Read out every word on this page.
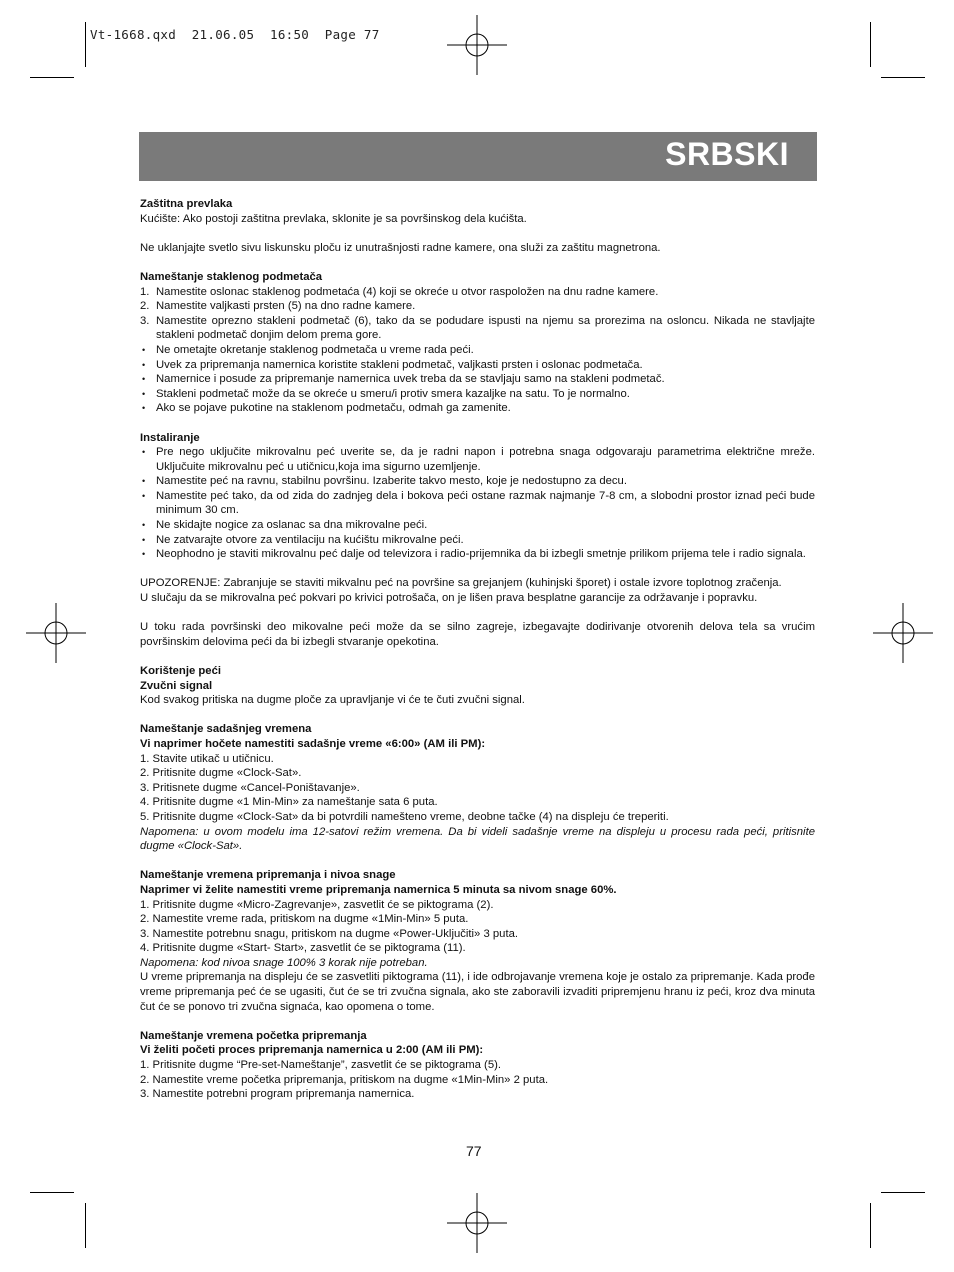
Vt-1668.qxd  21.06.05  16:50  Page 77
SRBSKI

Zaštitna prevlaka

Kućište: Ako postoji zaštitna prevlaka, sklonite je sa površinskog dela kućišta.

Ne uklanjajte svetlo sivu liskunsku ploču iz unutrašnjosti radne kamere, ona služi za zaštitu magnetrona.

Nameštanje staklenog podmetača

1. Namestite oslonac staklenog podmetaća (4) koji se okreće u otvor raspoložen na dnu radne kamere.
2. Namestite valjkasti prsten (5) na dno radne kamere.
3. Namestite oprezno stakleni podmetač (6), tako da se podudare ispusti na njemu sa prorezima na osloncu. Nikada ne stavljajte stakleni podmetač donjim delom prema gore.
• Ne ometajte okretanje staklenog podmetača u vreme rada peći.
• Uvek za pripremanja namernica koristite stakleni podmetač, valjkasti prsten i oslonac podmetača.
• Namernice i posude za pripremanje namernica uvek treba da se stavljaju samo na stakleni podmetač.
• Stakleni podmetač može da se okreće u smeru/i protiv smera kazaljke na satu. To je normalno.
• Ako se pojave pukotine na staklenom podmetaču, odmah ga zamenite.

Instaliranje

• Pre nego uključite mikrovalnu peć uverite se, da je radni napon i potrebna snaga odgovaraju parametrima električne mreže. Uključuite mikrovalnu peć u utičnicu,koja ima sigurno uzemljenje.
• Namestite peć na ravnu, stabilnu površinu. Izaberite takvo mesto, koje je nedostupno za decu.
• Namestite peć tako, da od zida do zadnjeg dela i bokova peći ostane razmak najmanje 7-8 cm, a slobodni prostor iznad peći bude minimum 30 cm.
• Ne skidajte nogice za oslanac sa dna mikrovalne peći.
• Ne zatvarajte otvore za ventilaciju na kućištu mikrovalne peći.
• Neophodno je staviti mikrovalnu peć dalje od televizora i radio-prijemnika da bi izbegli smetnje prilikom prijema tele i radio signala.

UPOZORENJE: Zabranjuje se staviti mikvalnu peć na površine sa grejanjem (kuhinjski šporet) i ostale izvore toplotnog zračenja.

U slučaju da se mikrovalna peć pokvari po krivici potrošača, on je lišen prava besplatne garancije za održavanje i popravku.

U toku rada površinski deo mikovalne peći može da se silno zagreje, izbegavajte dodirivanje otvorenih delova tela sa vrućim površinskim delovima peći da bi izbegli stvaranje opekotina.

Korištenje peći

Zvučni signal

Kod svakog pritiska na dugme ploče za upravljanje vi će te čuti zvučni signal.

Nameštanje sadašnjeg vremena

Vi naprimer hočete namestiti sadašnje vreme «6:00» (AM ili PM):

1. Stavite utikač u utičnicu.

2. Pritisnite dugme «Clock-Sat».

3. Pritisnete dugme «Cancel-Poništavanje».

4. Pritisnite dugme «1 Min-Min» za nameštanje sata 6 puta.

5. Pritisnite dugme «Clock-Sat» da bi potvrdili namešteno vreme, deobne tačke (4) na displeju će treperiti.

Napomena: u ovom modelu ima 12-satovi režim vremena. Da bi videli sadašnje vreme na displeju u procesu rada peći, pritisnite dugme «Clock-Sat».

Nameštanje vremena pripremanja i nivoa snage

Naprimer vi želite namestiti vreme pripremanja namernica 5 minuta sa nivom snage 60%.

1. Pritisnite dugme «Micro-Zagrevanje», zasvetlit će se piktograma (2).

2. Namestite vreme rada, pritiskom na dugme «1Min-Min» 5 puta.

3. Namestite potrebnu snagu, pritiskom na dugme «Power-Uključiti» 3 puta.

4. Pritisnite dugme «Start- Start», zasvetlit će se piktograma (11).

Napomena: kod nivoa snage 100% 3 korak nije potreban.

U vreme pripremanja na displeju će se zasvetliti piktograma (11), i ide odbrojavanje vremena koje je ostalo za pripremanje. Kada prođe vreme pripremanja peć će se ugasiti, čut će se tri zvučna signala, ako ste zaboravili izvaditi pripremjenu hranu iz peći, kroz dva minuta čut će se ponovo tri zvučna signaća, kao opomena o tome.

Nameštanje vremena početka pripremanja

Vi želiti početi proces pripremanja namernica u 2:00 (AM ili PM):

1. Pritisnite dugme “Pre-set-Nameštanje”, zasvetlit će se piktograma (5).

2. Namestite vreme početka pripremanja, pritiskom na dugme «1Min-Min» 2 puta.

3. Namestite potrebni program pripremanja namernica.

77
